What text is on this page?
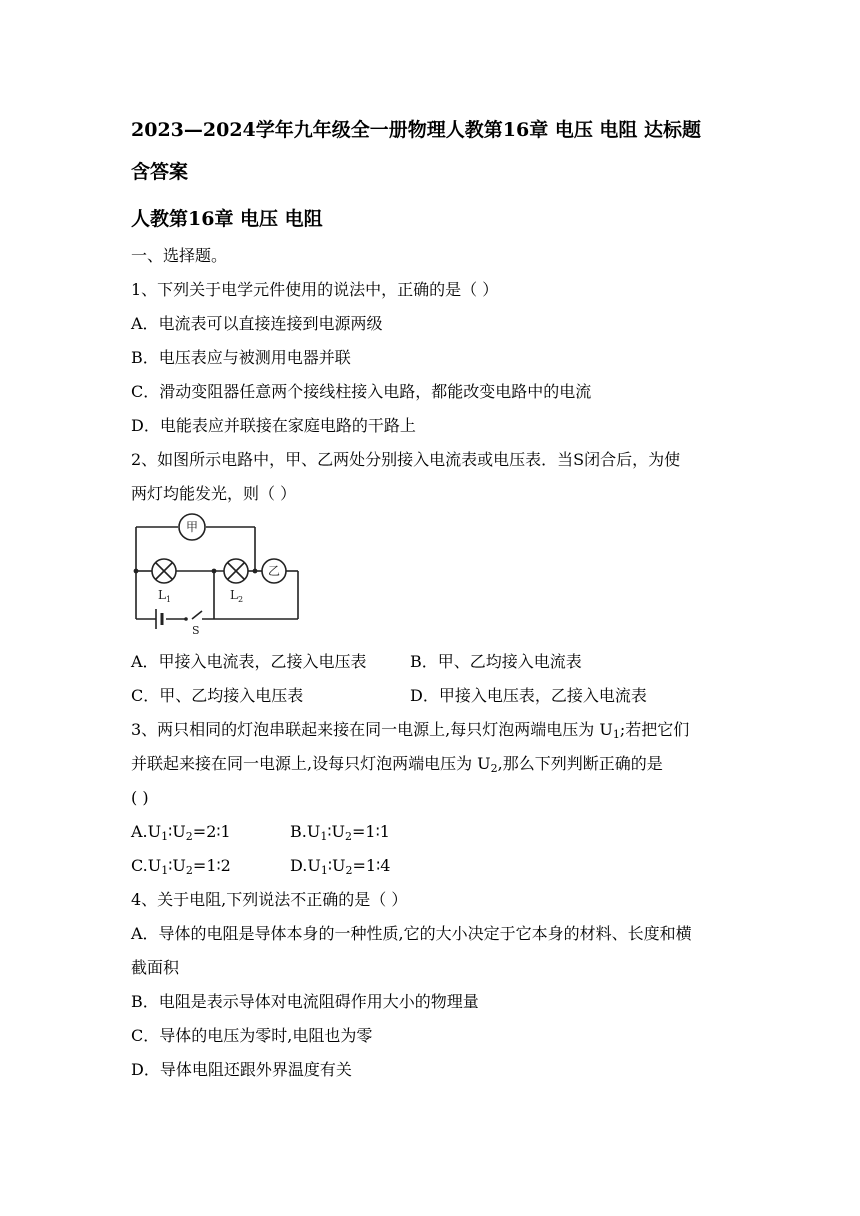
2023—2024学年九年级全一册物理人教第16章 电压 电阻 达标题
含答案
人教第16章 电压 电阻
一、选择题。
1、下列关于电学元件使用的说法中，正确的是（ ）
A．电流表可以直接连接到电源两级
B．电压表应与被测用电器并联
C．滑动变阻器任意两个接线柱接入电路，都能改变电路中的电流
D．电能表应并联接在家庭电路的干路上
2、如图所示电路中，甲、乙两处分别接入电流表或电压表．当S闭合后，为使
两灯均能发光，则（ ）
甲
乙
$L_1$	$L_2$
S
A．甲接入电流表，乙接入电压表	B．甲、乙均接入电流表
C．甲、乙均接入电压表	D．甲接入电压表，乙接入电流表
3、两只相同的灯泡串联起来接在同一电源上,每只灯泡两端电压为 $U_1$;若把它们
并联起来接在同一电源上,设每只灯泡两端电压为 $U_2$,那么下列判断正确的是
( )
$A.U_1∶U_2=2∶1$	$B.U_1∶U_2=1∶1$
$C.U_1∶U_2=1∶2$	$D.U_1∶U_2=1∶4$
4、关于电阻,下列说法不正确的是（ ）
A．导体的电阻是导体本身的一种性质,它的大小决定于它本身的材料、长度和横
截面积
B．电阻是表示导体对电流阻碍作用大小的物理量
C．导体的电压为零时,电阻也为零
D．导体电阻还跟外界温度有关
